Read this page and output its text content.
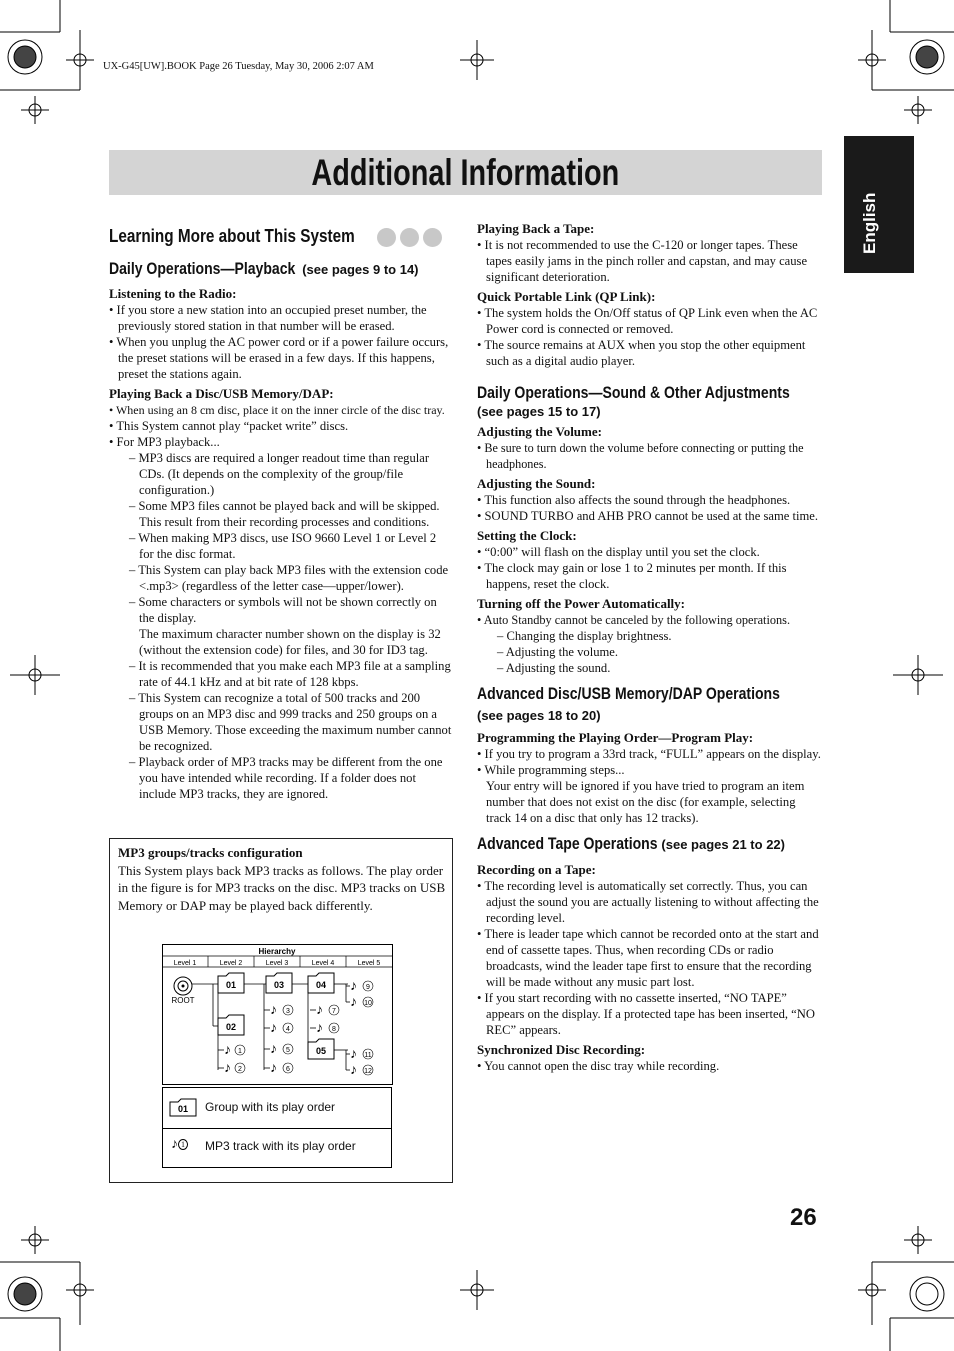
UX-G45[UW].BOOK Page 26 Tuesday, May 30, 2006 2:07 AM
Additional Information
English
Learning More about This System
Daily Operations—Playback (see pages 9 to 14)
Listening to the Radio:

• If you store a new station into an occupied preset number, the previously stored station in that number will be erased.

• When you unplug the AC power cord or if a power failure occurs, the preset stations will be erased in a few days. If this happens, preset the stations again.

Playing Back a Disc/USB Memory/DAP:

• When using an 8 cm disc, place it on the inner circle of the disc tray.

• This System cannot play “packet write” discs.

• For MP3 playback...

– MP3 discs are required a longer readout time than regular CDs. (It depends on the complexity of the group/file configuration.)

– Some MP3 files cannot be played back and will be skipped. This result from their recording processes and conditions.

– When making MP3 discs, use ISO 9660 Level 1 or Level 2 for the disc format.

– This System can play back MP3 files with the extension code <.mp3> (regardless of the letter case—upper/lower).

– Some characters or symbols will not be shown correctly on the display.

The maximum character number shown on the display is 32 (without the extension code) for files, and 30 for ID3 tag.

– It is recommended that you make each MP3 file at a sampling rate of 44.1 kHz and at bit rate of 128 kbps.

– This System can recognize a total of 500 tracks and 200 groups on an MP3 disc and 999 tracks and 250 groups on a USB Memory. Those exceeding the maximum number cannot be recognized.

– Playback order of MP3 tracks may be different from the one you have intended while recording. If a folder does not include MP3 tracks, they are ignored.

MP3 groups/tracks configuration
This System plays back MP3 tracks as follows. The play order in the figure is for MP3 tracks on the disc. MP3 tracks on USB Memory or DAP may be played back differently.
Hierarchy
Level 1	Level 2	Level 3	Level 4	Level 5
ROOT
01
02
03	04
05
♪ 1
♪ 2
♪ 3
♪ 4
♪ 5
♪ 6
♪ 7
♪ 8
♪ 9
♪ 10
♪ 11
♪ 12
01 Group with its play order
♪ 1 MP3 track with its play order
Playing Back a Tape:

• It is not recommended to use the C-120 or longer tapes. These tapes easily jams in the pinch roller and capstan, and may cause significant deterioration.

Quick Portable Link (QP Link):

• The system holds the On/Off status of QP Link even when the AC Power cord is connected or removed.

• The source remains at AUX when you stop the other equipment such as a digital audio player.

Daily Operations—Sound & Other Adjustments
(see pages 15 to 17)
Adjusting the Volume:

• Be sure to turn down the volume before connecting or putting the headphones.

Adjusting the Sound:

• This function also affects the sound through the headphones.

• SOUND TURBO and AHB PRO cannot be used at the same time.

Setting the Clock:

• “0:00” will flash on the display until you set the clock.

• The clock may gain or lose 1 to 2 minutes per month. If this happens, reset the clock.

Turning off the Power Automatically:

• Auto Standby cannot be canceled by the following operations.

– Changing the display brightness.

– Adjusting the volume.

– Adjusting the sound.

Advanced Disc/USB Memory/DAP Operations
(see pages 18 to 20)
Programming the Playing Order—Program Play:

• If you try to program a 33rd track, “FULL” appears on the display.

• While programming steps...

Your entry will be ignored if you have tried to program an item number that does not exist on the disc (for example, selecting track 14 on a disc that only has 12 tracks).

Advanced Tape Operations (see pages 21 to 22)
Recording on a Tape:

• The recording level is automatically set correctly. Thus, you can adjust the sound you are actually listening to without affecting the recording level.

• There is leader tape which cannot be recorded onto at the start and end of cassette tapes. Thus, when recording CDs or radio broadcasts, wind the leader tape first to ensure that the recording will be made without any music part lost.

• If you start recording with no cassette inserted, “NO TAPE” appears on the display. If a protected tape has been inserted, “NO REC” appears.

Synchronized Disc Recording:

• You cannot open the disc tray while recording.

26
